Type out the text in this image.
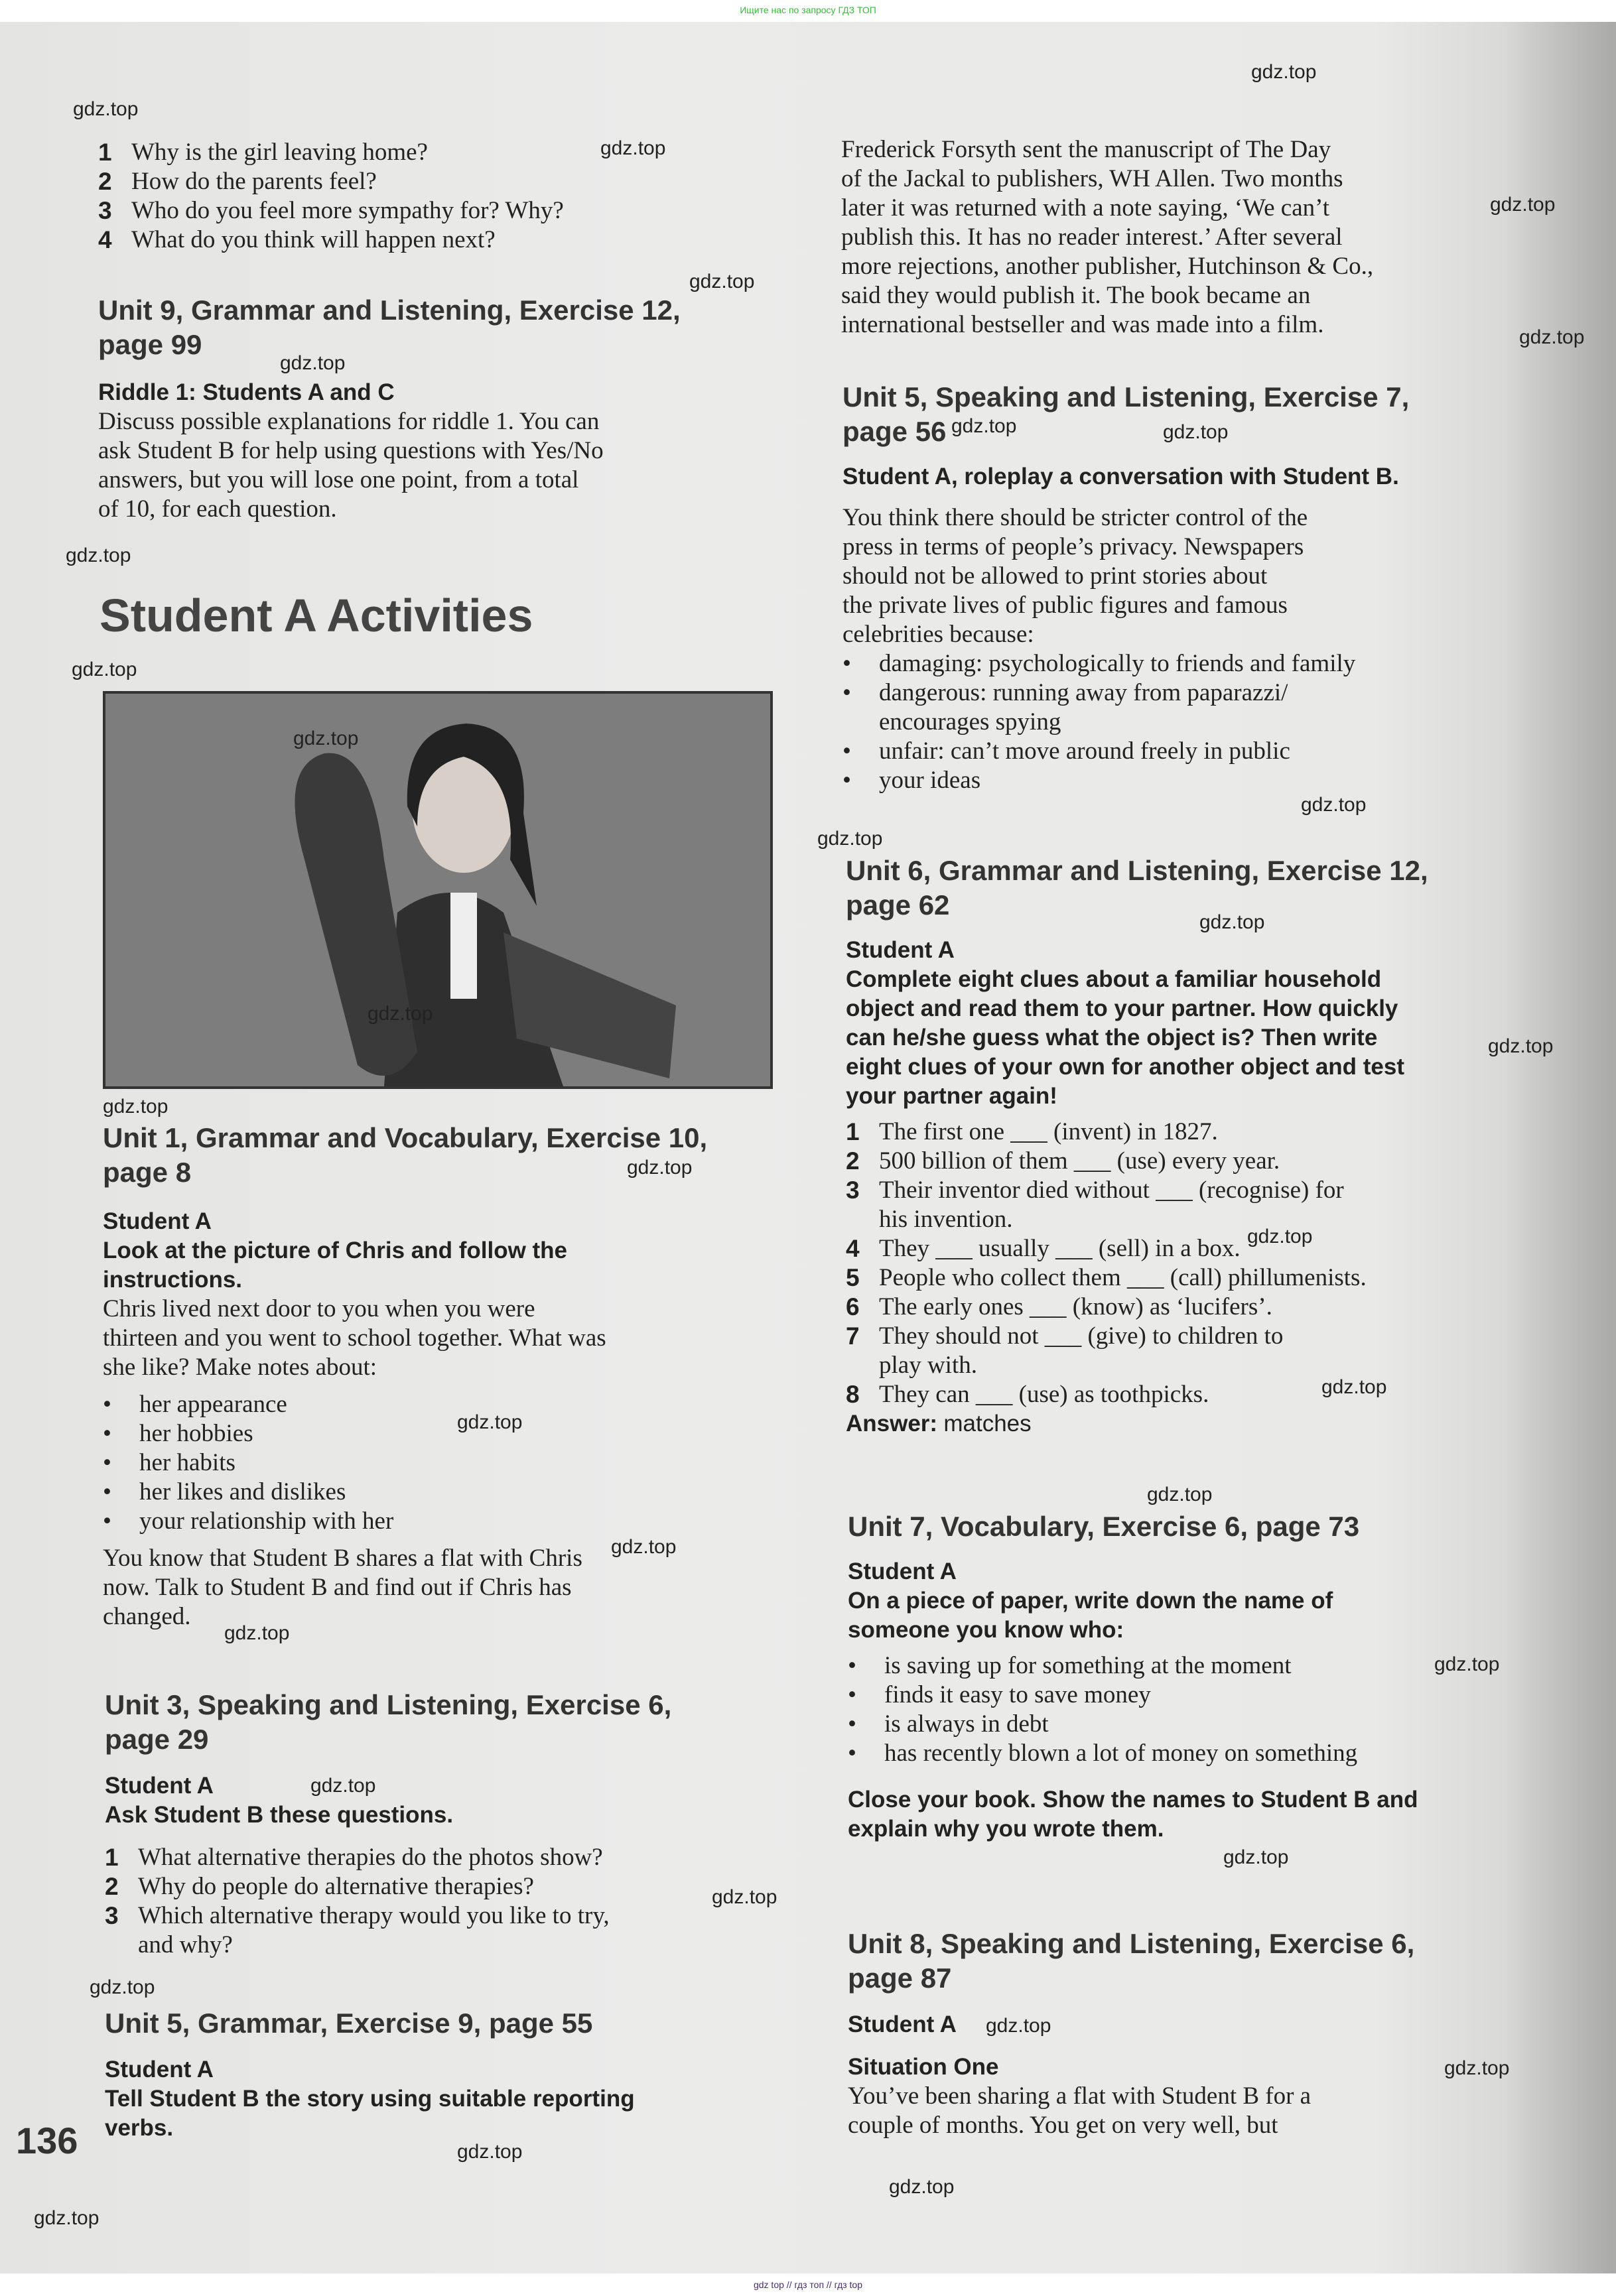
Ищите нас по запросу ГДЗ ТОП
1 Why is the girl leaving home?
2 How do the parents feel?
3 Who do you feel more sympathy for? Why?
4 What do you think will happen next?
Unit 9, Grammar and Listening, Exercise 12,
page 99
Riddle 1: Students A and C
Discuss possible explanations for riddle 1. You can
ask Student B for help using questions with Yes/No
answers, but you will lose one point, from a total
of 10, for each question.
Student A Activities
Unit 1, Grammar and Vocabulary, Exercise 10,
page 8
Student A
Look at the picture of Chris and follow the
instructions.
Chris lived next door to you when you were
thirteen and you went to school together. What was
she like? Make notes about:
•	her appearance
•	her hobbies
•	her habits
•	her likes and dislikes
•	your relationship with her
You know that Student B shares a flat with Chris
now. Talk to Student B and find out if Chris has
changed.
Unit 3, Speaking and Listening, Exercise 6,
page 29
Student A
Ask Student B these questions.
1 What alternative therapies do the photos show?
2 Why do people do alternative therapies?
3 Which alternative therapy would you like to try,
and why?
Unit 5, Grammar, Exercise 9, page 55
Student A
Tell Student B the story using suitable reporting
verbs.
136
Frederick Forsyth sent the manuscript of The Day
of the Jackal to publishers, WH Allen. Two months
later it was returned with a note saying, ‘We can’t
publish this. It has no reader interest.’ After several
more rejections, another publisher, Hutchinson & Co.,
said they would publish it. The book became an
international bestseller and was made into a film.
Unit 5, Speaking and Listening, Exercise 7,
page 56
Student A, roleplay a conversation with Student B.
You think there should be stricter control of the
press in terms of people’s privacy. Newspapers
should not be allowed to print stories about
the private lives of public figures and famous
celebrities because:
•	damaging: psychologically to friends and family
•	dangerous: running away from paparazzi/
encourages spying
•	unfair: can’t move around freely in public
•	your ideas
Unit 6, Grammar and Listening, Exercise 12,
page 62
Student A
Complete eight clues about a familiar household
object and read them to your partner. How quickly
can he/she guess what the object is? Then write
eight clues of your own for another object and test
your partner again!
1 The first one ___ (invent) in 1827.
2 500 billion of them ___ (use) every year.
3 Their inventor died without ___ (recognise) for
his invention.
4 They ___ usually ___ (sell) in a box.
5 People who collect them ___ (call) phillumenists.
6 The early ones ___ (know) as ‘lucifers’.
7 They should not ___ (give) to children to
play with.
8 They can ___ (use) as toothpicks.
Answer: matches
Unit 7, Vocabulary, Exercise 6, page 73
Student A
On a piece of paper, write down the name of
someone you know who:
•	is saving up for something at the moment
•	finds it easy to save money
•	is always in debt
•	has recently blown a lot of money on something
Close your book. Show the names to Student B and
explain why you wrote them.
Unit 8, Speaking and Listening, Exercise 6,
page 87
Student A
Situation One
You’ve been sharing a flat with Student B for a
couple of months. You get on very well, but
gdz.top
gdz.top
gdz.top
gdz.top
gdz.top
gdz.top
gdz.top
gdz.top
gdz.top
gdz.top
gdz.top
gdz.top
gdz.top
gdz.top
gdz.top
gdz.top
gdz.top
gdz.top
gdz.top
gdz.top
gdz.top
gdz.top
gdz.top
gdz.top
gdz.top
gdz.top
gdz.top
gdz.top
gdz.top
gdz.top
gdz.top
gdz.top
gdz.top
gdz.top
gdz.top
gdz top // гдз топ // гдз top
